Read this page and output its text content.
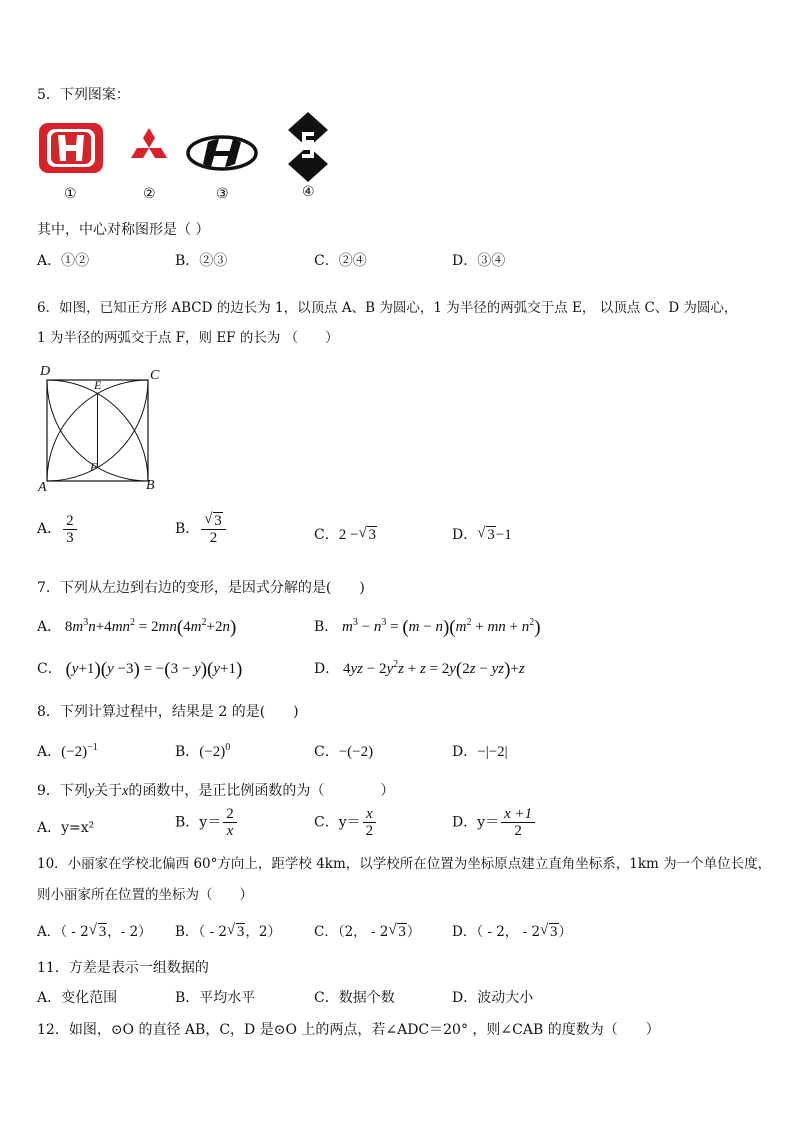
5．下列图案：
①	②	③	④
其中，中心对称图形是（ ）
A．①②	B．②③	C．②④	D．③④
6．如图，已知正方形 ABCD 的边长为 1，以顶点 A、B 为圆心，1 为半径的两弧交于点 E， 以顶点 C、D 为圆心，
1 为半径的两弧交于点 F，则 EF 的长为 （　　）
D	C
E
F
A	B
A． $\frac{2}{3}$	B． $\frac{√ 3}{2}$	C．2 − √ 3	D． √ 3−1
7．下列从左边到右边的变形，是因式分解的是(　　)
A． $8m^3n+4mn^2 = 2mn(4m^2+2n)$	B． $m^3 - n^3 = (m - n)(m^2$ + mn + $n^2$)
C． (y+1)(y −3) = −(3 − y)(y+1)	D． $4yz - 2y^2z + z = 2y(2z - yz)+z$
8．下列计算过程中，结果是 2 的是(　　)
A．$(-2)^{-1}$	B．$(-2)^0$	C．−(−2)	D．−|−2|
9．下列y关于x的函数中，是正比例函数的为（　　　　）
A．y=x²	B．$y= \frac{2}{x}$	C．$y= \frac{x}{2}$	D．$y= \frac{x +1}{2}$
10．小丽家在学校北偏西 60°方向上，距学校 4km，以学校所在位置为坐标原点建立直角坐标系，1km 为一个单位长度，
则小丽家所在位置的坐标为（　　）
A．（ - 2 √ 3，- 2） B．（ - 2 √ 3，2） C．（2， - 2 √ 3） D．（ - 2， - 2 √ 3）
11．方差是表示一组数据的
A．变化范围	B．平均水平	C．数据个数	D．波动大小
12．如图，⊙O 的直径 AB，C，D 是⊙O 上的两点，若∠ADC＝20° ，则∠CAB 的度数为（　　）
